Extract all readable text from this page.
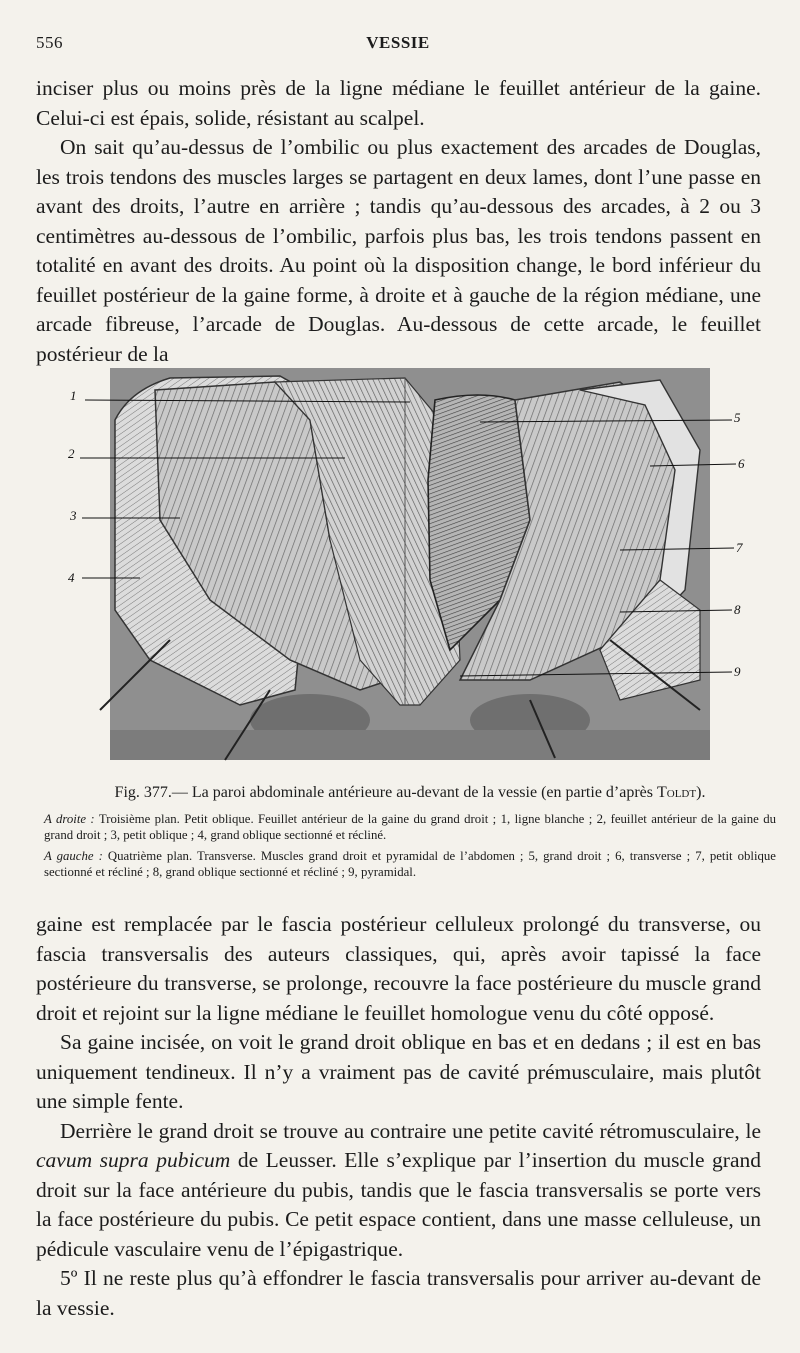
556	VESSIE

inciser plus ou moins près de la ligne médiane le feuillet antérieur de la gaine. Celui-ci est épais, solide, résistant au scalpel.

On sait qu’au-dessus de l’ombilic ou plus exactement des arcades de Douglas, les trois tendons des muscles larges se partagent en deux lames, dont l’une passe en avant des droits, l’autre en arrière ; tandis qu’au-dessous des arcades, à 2 ou 3 centimètres au-dessous de l’ombilic, parfois plus bas, les trois tendons passent en totalité en avant des droits. Au point où la disposition change, le bord inférieur du feuillet postérieur de la gaine forme, à droite et à gauche de la région médiane, une arcade fibreuse, l’arcade de Douglas. Au-dessous de cette arcade, le feuillet postérieur de la

1
2
3
4
5
6
7
8
9
Fig. 377.— La paroi abdominale antérieure au-devant de la vessie (en partie d’après Toldt).
A droite : Troisième plan. Petit oblique. Feuillet antérieur de la gaine du grand droit ; 1, ligne blanche ; 2, feuillet antérieur de la gaine du grand droit ; 3, petit oblique ; 4, grand oblique sectionné et récliné.
A gauche : Quatrième plan. Transverse. Muscles grand droit et pyramidal de l’abdomen ; 5, grand droit ; 6, transverse ; 7, petit oblique sectionné et récliné ; 8, grand oblique sectionné et récliné ; 9, pyramidal.

gaine est remplacée par le fascia postérieur celluleux prolongé du transverse, ou fascia transversalis des auteurs classiques, qui, après avoir tapissé la face postérieure du transverse, se prolonge, recouvre la face postérieure du muscle grand droit et rejoint sur la ligne médiane le feuillet homologue venu du côté opposé.

Sa gaine incisée, on voit le grand droit oblique en bas et en dedans ; il est en bas uniquement tendineux. Il n’y a vraiment pas de cavité prémusculaire, mais plutôt une simple fente.

Derrière le grand droit se trouve au contraire une petite cavité rétromusculaire, le cavum supra pubicum de Leusser. Elle s’explique par l’insertion du muscle grand droit sur la face antérieure du pubis, tandis que le fascia transversalis se porte vers la face postérieure du pubis. Ce petit espace contient, dans une masse celluleuse, un pédicule vasculaire venu de l’épigastrique.

5º Il ne reste plus qu’à effondrer le fascia transversalis pour arriver au-devant de la vessie.
